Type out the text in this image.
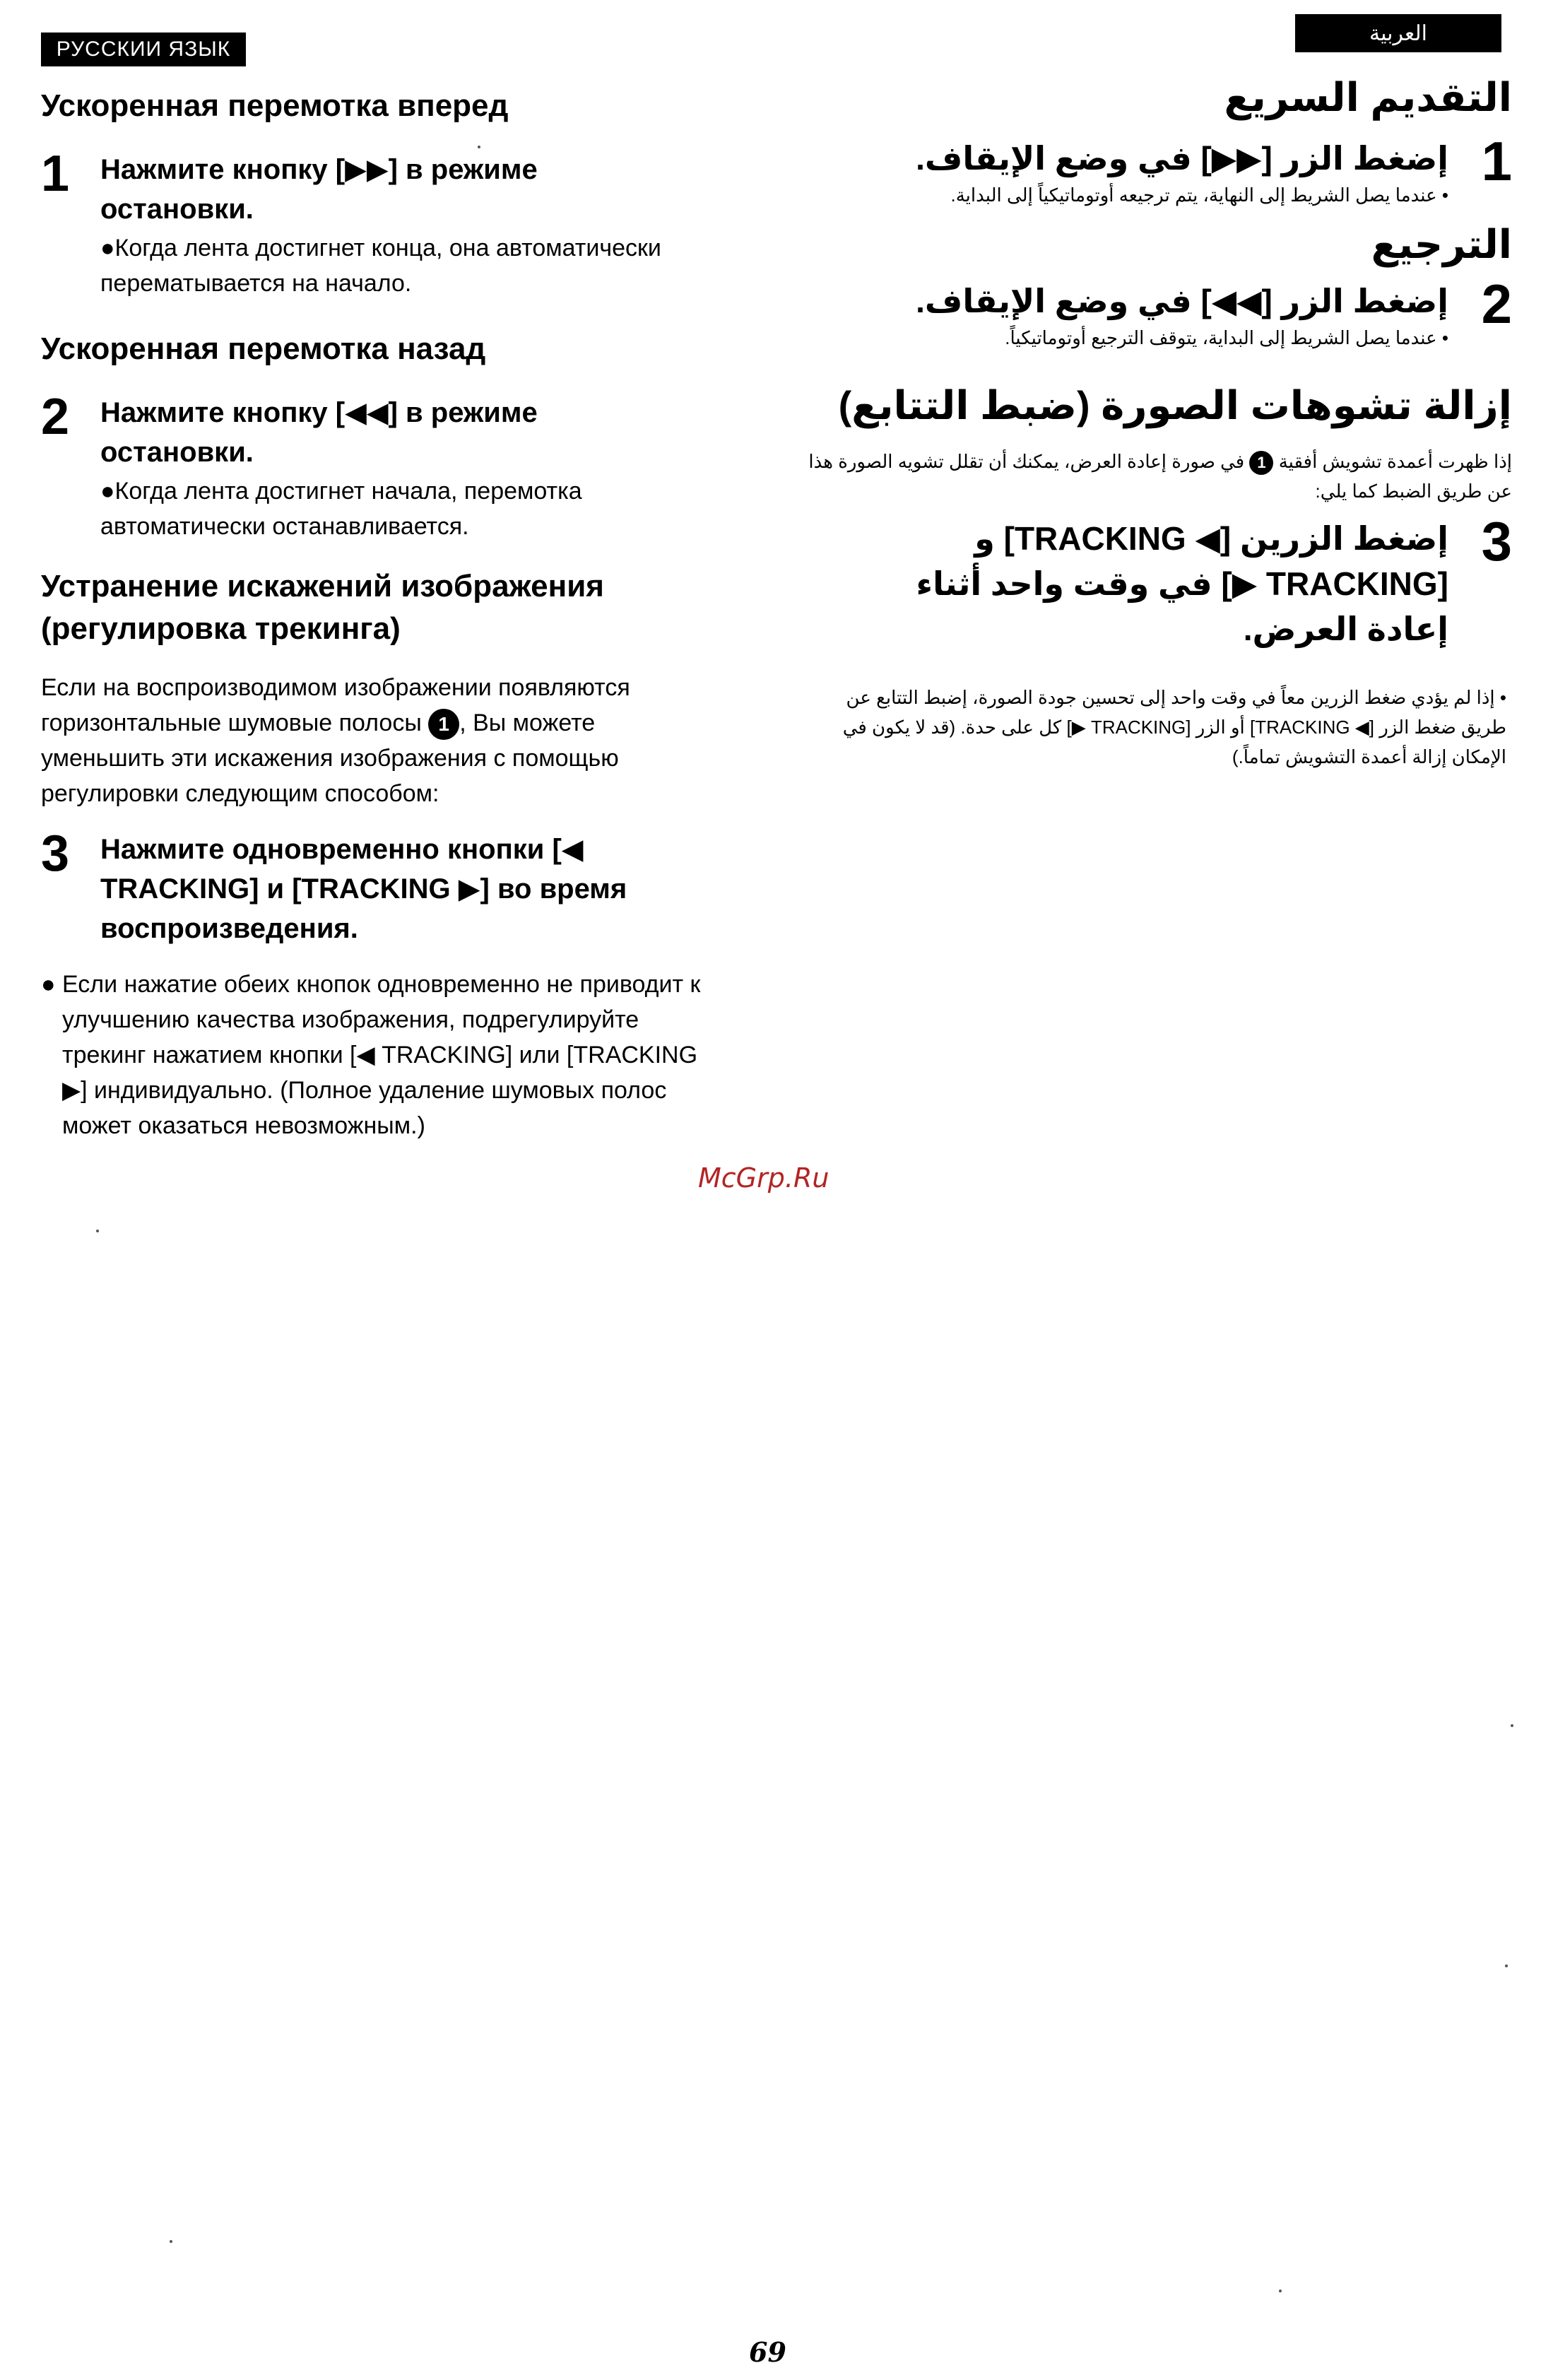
РУССКИИ ЯЗЫК
العربية
Ускоренная перемотка вперед
1 Нажмите кнопку [▶▶] в режиме остановки.
●Когда лента достигнет конца, она автоматически перематывается на начало.
Ускоренная перемотка назад
2 Нажмите кнопку [◀◀] в режиме остановки.
●Когда лента достигнет начала, перемотка автоматически останавливается.
Устранение искажений изображения (регулировка трекинга)
Если на воспроизводимом изображении появляются горизонтальные шумовые полосы 1 , Вы можете уменьшить эти искажения изображения с помощью регулировки следующим способом:
3 Нажмите одновременно кнопки [◀ TRACKING] и [TRACKING ▶] во время воспроизведения.
● Если нажатие обеих кнопок одновременно не приводит к улучшению качества изображения, подрегулируйте трекинг нажатием кнопки [◀ TRACKING] или [TRACKING ▶] индивидуально. (Полное удаление шумовых полос может оказаться невозможным.)
التقديم السريع
1
إضغط الزر [▶▶] في وضع الإيقاف.
• عندما يصل الشريط إلى النهاية، يتم ترجيعه أوتوماتيكياً إلى البداية.
الترجيع
2
إضغط الزر [◀◀] في وضع الإيقاف.
• عندما يصل الشريط إلى البداية، يتوقف الترجيع أوتوماتيكياً.
إزالة تشوهات الصورة (ضبط التتابع)
إذا ظهرت أعمدة تشويش أفقية 1 في صورة إعادة العرض، يمكنك أن تقلل تشويه الصورة هذا عن طريق الضبط كما يلي:
3
إضغط الزرين [◀ TRACKING] و [TRACKING ▶] في وقت واحد أثناء إعادة العرض.
• إذا لم يؤدي ضغط الزرين معاً في وقت واحد إلى تحسين جودة الصورة، إضبط التتابع عن طريق ضغط الزر [◀ TRACKING] أو الزر [TRACKING ▶] كل على حدة. (قد لا يكون في الإمكان إزالة أعمدة التشويش تماماً.)
McGrp.Ru
69
